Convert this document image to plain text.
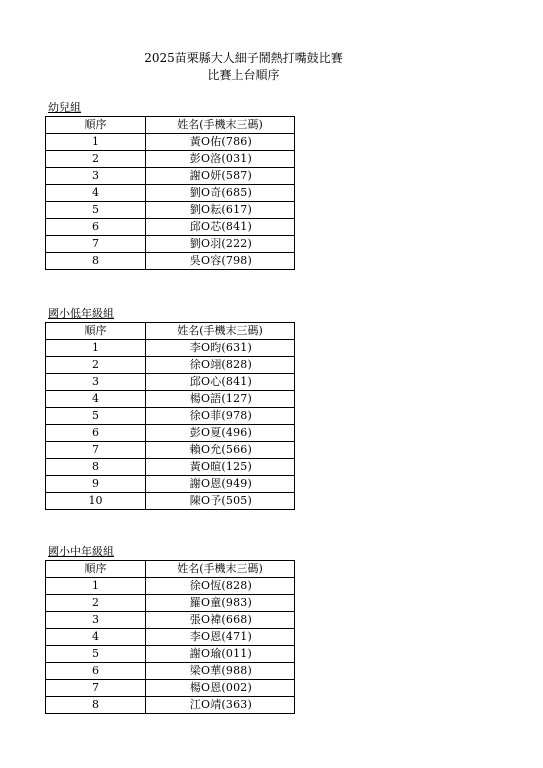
2025苗栗縣大人細子鬧熱打嘴鼓比賽
比賽上台順序
幼兒組
順序	姓名(手機末三碼)
1	黃O佑(786)
2	彭O洛(031)
3	謝O妍(587)
4	劉O奇(685)
5	劉O耘(617)
6	邱O芯(841)
7	劉O羽(222)
8	吳O容(798)
國小低年級組
順序	姓名(手機末三碼)
1	李O昀(631)
2	徐O翊(828)
3	邱O心(841)
4	楊O語(127)
5	徐O菲(978)
6	彭O夏(496)
7	賴O允(566)
8	黃O暄(125)
9	謝O恩(949)
10	陳O予(505)
國小中年級組
順序	姓名(手機末三碼)
1	徐O恆(828)
2	羅O童(983)
3	張O褘(668)
4	李O恩(471)
5	謝O瑜(011)
6	梁O華(988)
7	楊O恩(002)
8	江O靖(363)
